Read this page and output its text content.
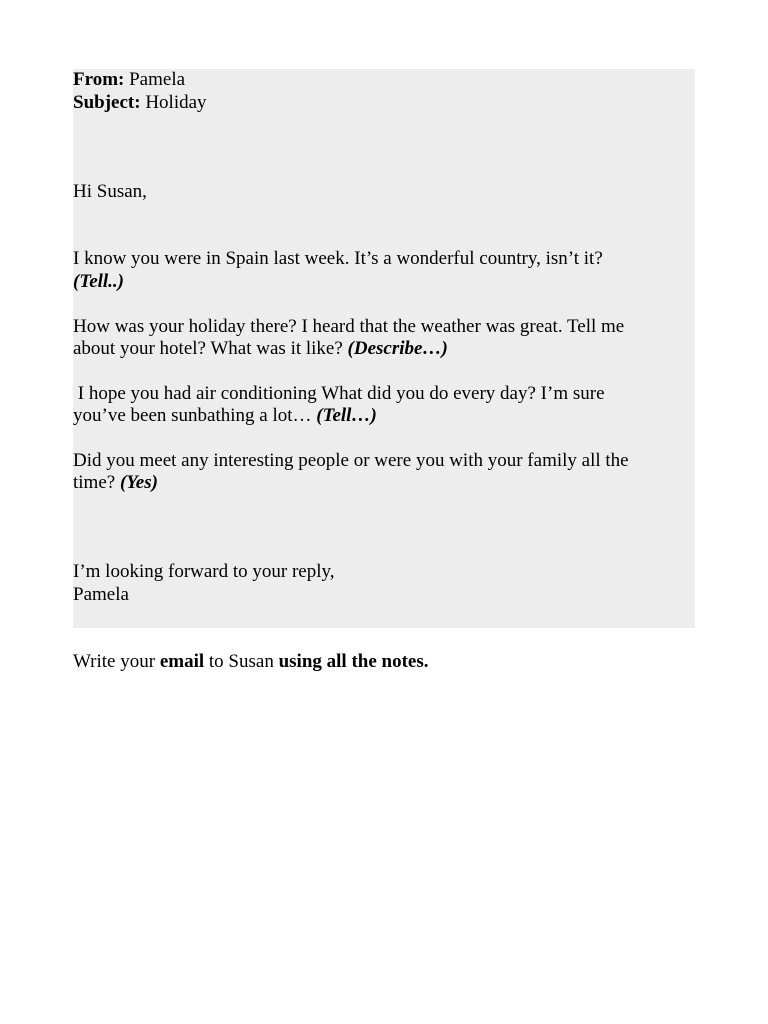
From: Pamela
Subject: Holiday
Hi Susan,
I know you were in Spain last week. It’s a wonderful country, isn’t it?
(Tell..)
How was your holiday there? I heard that the weather was great. Tell me
about your hotel? What was it like? (Describe…)
I hope you had air conditioning What did you do every day? I’m sure
you’ve been sunbathing a lot… (Tell…)
Did you meet any interesting people or were you with your family all the
time? (Yes)
I’m looking forward to your reply,
Pamela
Write your email to Susan using all the notes.
